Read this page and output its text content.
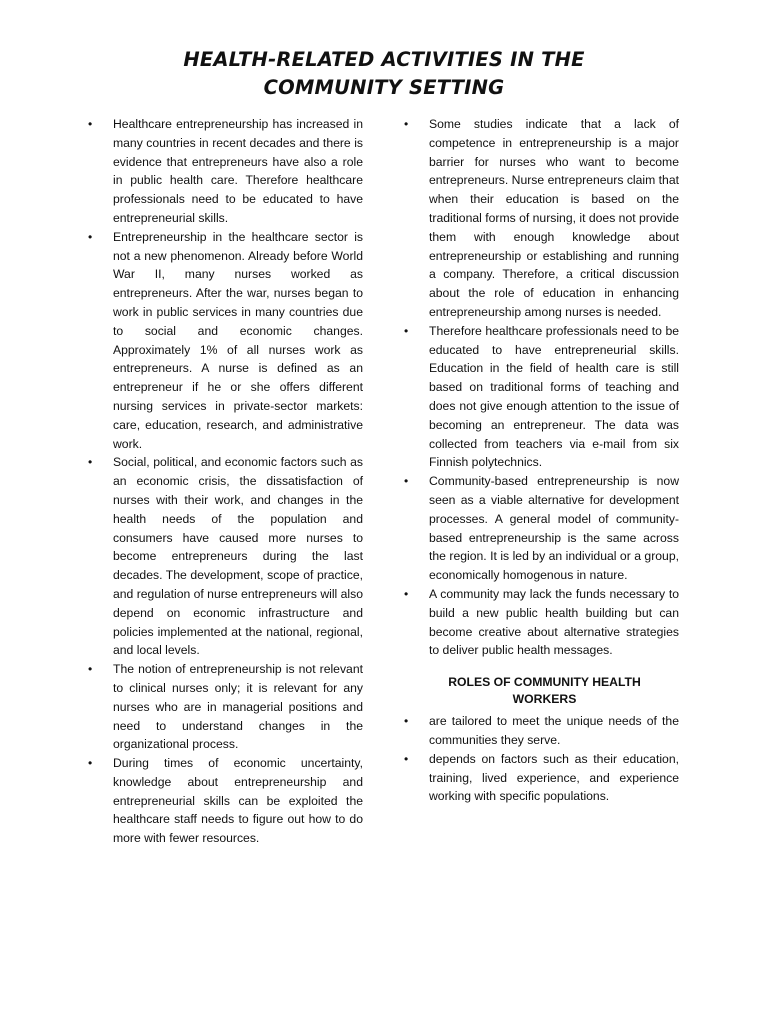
HEALTH-RELATED ACTIVITIES IN THE
COMMUNITY SETTING
•	Healthcare entrepreneurship has increased in many countries in recent decades and there is evidence that entrepreneurs have also a role in public health care. Therefore healthcare professionals need to be educated to have entrepreneurial skills.
•	Entrepreneurship in the healthcare sector is not a new phenomenon. Already before World War II, many nurses worked as entrepreneurs. After the war, nurses began to work in public services in many countries due to social and economic changes. Approximately 1% of all nurses work as entrepreneurs. A nurse is defined as an entrepreneur if he or she offers different nursing services in private-sector markets: care, education, research, and administrative work.
•	Social, political, and economic factors such as an economic crisis, the dissatisfaction of nurses with their work, and changes in the health needs of the population and consumers have caused more nurses to become entrepreneurs during the last decades. The development, scope of practice, and regulation of nurse entrepreneurs will also depend on economic infrastructure and policies implemented at the national, regional, and local levels.
•	The notion of entrepreneurship is not relevant to clinical nurses only; it is relevant for any nurses who are in managerial positions and need to understand changes in the organizational process.
•	During times of economic uncertainty, knowledge about entrepreneurship and entrepreneurial skills can be exploited the healthcare staff needs to figure out how to do more with fewer resources.
•	Some studies indicate that a lack of competence in entrepreneurship is a major barrier for nurses who want to become entrepreneurs. Nurse entrepreneurs claim that when their education is based on the traditional forms of nursing, it does not provide them with enough knowledge about entrepreneurship or establishing and running a company. Therefore, a critical discussion about the role of education in enhancing entrepreneurship among nurses is needed.
•	Therefore healthcare professionals need to be educated to have entrepreneurial skills. Education in the field of health care is still based on traditional forms of teaching and does not give enough attention to the issue of becoming an entrepreneur. The data was collected from teachers via e-mail from six Finnish polytechnics.
•	Community-based entrepreneurship is now seen as a viable alternative for development processes. A general model of community-based entrepreneurship is the same across the region. It is led by an individual or a group, economically homogenous in nature.
•	A community may lack the funds necessary to build a new public health building but can become creative about alternative strategies to deliver public health messages.
ROLES OF COMMUNITY HEALTH
WORKERS
•	are tailored to meet the unique needs of the communities they serve.
•	depends on factors such as their education, training, lived experience, and experience working with specific populations.
